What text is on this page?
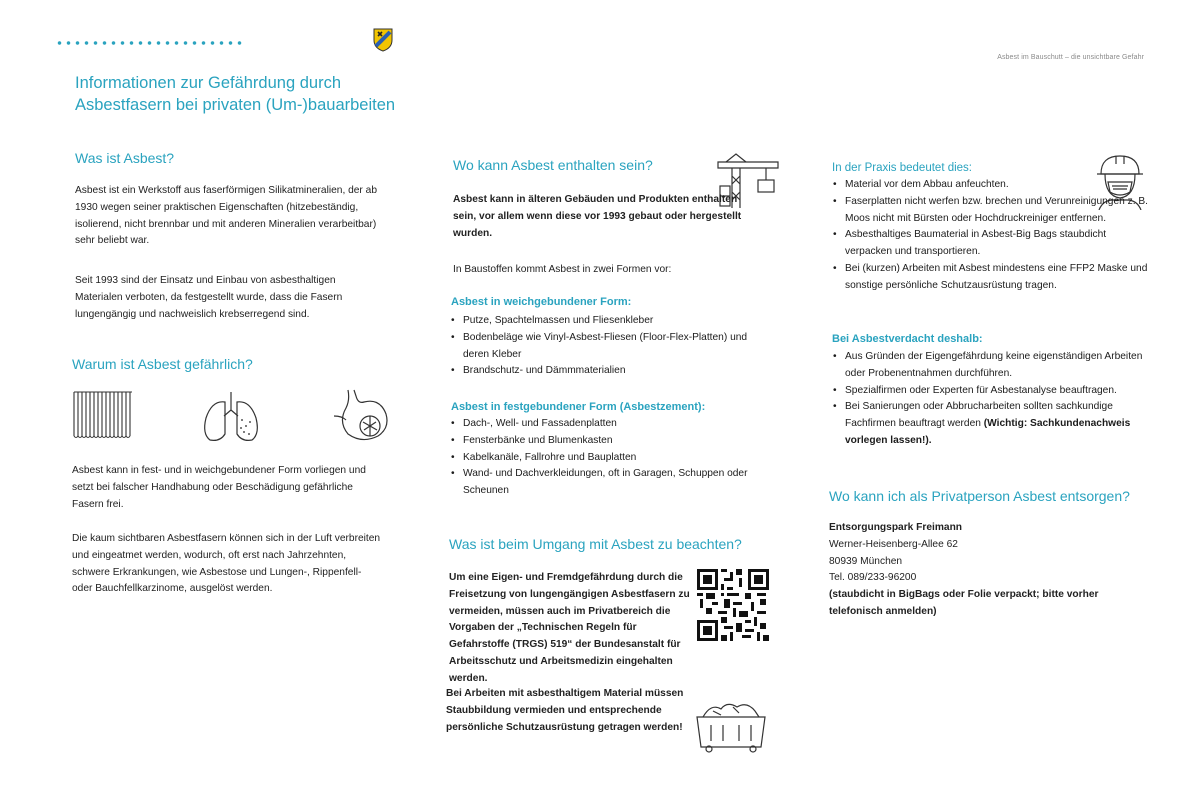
Asbest im Bauschutt – die unsichtbare Gefahr
Informationen zur Gefährdung durch Asbestfasern bei privaten (Um-)bauarbeiten
Was ist Asbest?

Asbest ist ein Werkstoff aus faserförmigen Silikatmineralien, der ab 1930 wegen seiner praktischen Eigenschaften (hitzebeständig, isolierend, nicht brennbar und mit anderen Mineralien verarbeitbar) sehr beliebt war.

Seit 1993 sind der Einsatz und Einbau von asbesthaltigen Materialen verboten, da festgestellt wurde, dass die Fasern lungengängig und nachweislich krebserregend sind.

Warum ist Asbest gefährlich?

Asbest kann in fest- und in weichgebundener Form vorliegen und setzt bei falscher Handhabung oder Beschädigung gefährliche Fasern frei.

Die kaum sichtbaren Asbestfasern können sich in der Luft verbreiten und eingeatmet werden, wodurch, oft erst nach Jahrzehnten, schwere Erkrankungen, wie Asbestose und Lungen-, Rippenfell- oder Bauchfellkarzinome, ausgelöst werden.

Wo kann Asbest enthalten sein?

Asbest kann in älteren Gebäuden und Produkten enthalten sein, vor allem wenn diese vor 1993 gebaut oder hergestellt wurden.

In Baustoffen kommt Asbest in zwei Formen vor:

Asbest in weichgebundener Form:
• Putze, Spachtelmassen und Fliesenkleber
• Bodenbeläge wie Vinyl-Asbest-Fliesen (Floor-Flex-Platten) und deren Kleber
• Brandschutz- und Dämmmaterialien
Asbest in festgebundener Form (Asbestzement):
• Dach-, Well- und Fassadenplatten
• Fensterbänke und Blumenkasten
• Kabelkanäle, Fallrohre und Bauplatten
• Wand- und Dachverkleidungen, oft in Garagen, Schuppen oder Scheunen
Was ist beim Umgang mit Asbest zu beachten?

Um eine Eigen- und Fremdgefährdung durch die Freisetzung von lungengängigen Asbestfasern zu vermeiden, müssen auch im Privatbereich die Vorgaben der „Technischen Regeln für Gefahrstoffe (TRGS) 519“ der Bundesanstalt für Arbeitsschutz und Arbeitsmedizin eingehalten werden.

Bei Arbeiten mit asbesthaltigem Material müssen Staubbildung vermieden und entsprechende persönliche Schutzausrüstung getragen werden!

In der Praxis bedeutet dies:
• Material vor dem Abbau anfeuchten.
• Faserplatten nicht werfen bzw. brechen und Verunreinigungen z. B. Moos nicht mit Bürsten oder Hochdruckreiniger entfernen.
• Asbesthaltiges Baumaterial in Asbest-Big Bags staubdicht verpacken und transportieren.
• Bei (kurzen) Arbeiten mit Asbest mindestens eine FFP2 Maske und sonstige persönliche Schutzausrüstung tragen.
Bei Asbestverdacht deshalb:
• Aus Gründen der Eigengefährdung keine eigenständigen Arbeiten oder Probenentnahmen durchführen.
• Spezialfirmen oder Experten für Asbestanalyse beauftragen.
• Bei Sanierungen oder Abbrucharbeiten sollten sachkundige Fachfirmen beauftragt werden (Wichtig: Sachkundenachweis vorlegen lassen!).
Wo kann ich als Privatperson Asbest entsorgen?

Entsorgungspark Freimann

Werner-Heisenberg-Allee 62

80939 München

Tel. 089/233-96200

(staubdicht in BigBags oder Folie verpackt; bitte vorher telefonisch anmelden)
